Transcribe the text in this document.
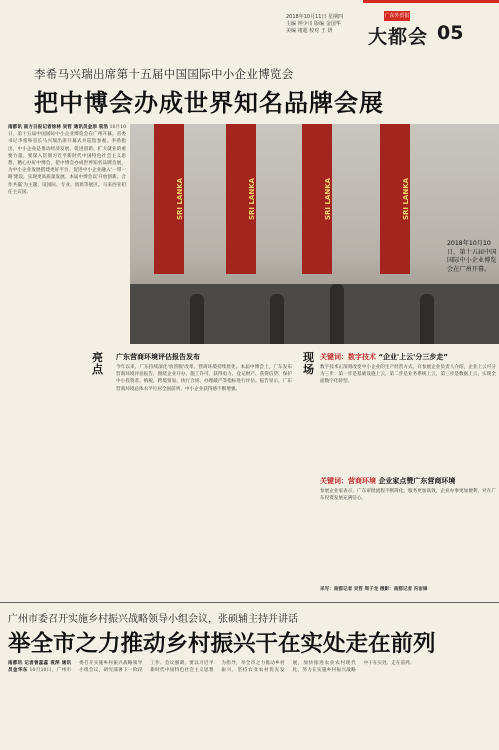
2018年10月11日 星期四
主编 钟少川 版编 金国华
美编 褚超 校对 王 妍
广东外贸报
大都会 05
李希马兴瑞出席第十五届中国国际中小企业博览会
把中博会办成世界知名品牌会展
南都讯 南方日报记者徐林 吴哲 通讯员金添 袁浩 10月10日，第十五届中国国际中小企业博览会在广州开幕。省委书记李希和省长马兴瑞出席开幕式并巡馆参观。李希指出，中小企业是推动经济发展、促进创新、扩大就业的重要力量。要深入贯彻习近平新时代中国特色社会主义思想，精心办好中博会，把中博会办成世界知名品牌会展，为中小企业发展搭建更好平台，促进中小企业融入'一带一路'建设，实现更高质量发展。本届中博会以'开放创新、合作共赢'为主题，设国际、专业、创新等展区。马来西亚担任主宾国。	SRI LANKA	SRI LANKA	SRI LANKA	SRI LANKA
2018年10月10日，第十五届中国国际中小企业博览会在广州开幕。
亮点
广东营商环境评估报告发布
今年以来，广东持续深化'放管服'改革，营商环境持续优化。本届中博会上，广东发布营商环境评估报告，围绕企业开办、施工许可、获得电力、登记财产、获得信贷、保护中小投资者、纳税、跨境贸易、执行合同、办理破产等指标进行评估。报告显示，广东营商环境总体水平位居全国前列，中小企业获得感不断增强。
现场
关键词：数字技术 “企业'上云'分三步走”
数字技术正深刻改变中小企业的生产经营方式。有参展企业负责人介绍，企业上云可分为三步：第一步是基础设施上云，第二步是业务系统上云，第三步是数据上云，实现全面数字化转型。
关键词：营商环境 企业家点赞广东营商环境
参展企业家表示，广东审批流程不断简化，服务更加高效，企业办事更加便利，对在广东投资发展充满信心。
采写：南都记者 吴哲 周子龙 摄影：南都记者 冯宙锋
广州市委召开实施乡村振兴战略领导小组会议，张硕辅主持并讲话
举全市之力推动乡村振兴干在实处走在前列
南都讯 记者曾蕊蕊 袁萍 通讯员金华东 10月10日，广州市委召开实施乡村振兴战略领导小组会议，研究部署下一阶段工作。会议强调，要以习近平新时代中国特色社会主义思想为指导，举全市之力推动乡村振兴，坚持农业农村优先发展，加快推进农业农村现代化，努力在实施乡村振兴战略中干在实处、走在前列。
